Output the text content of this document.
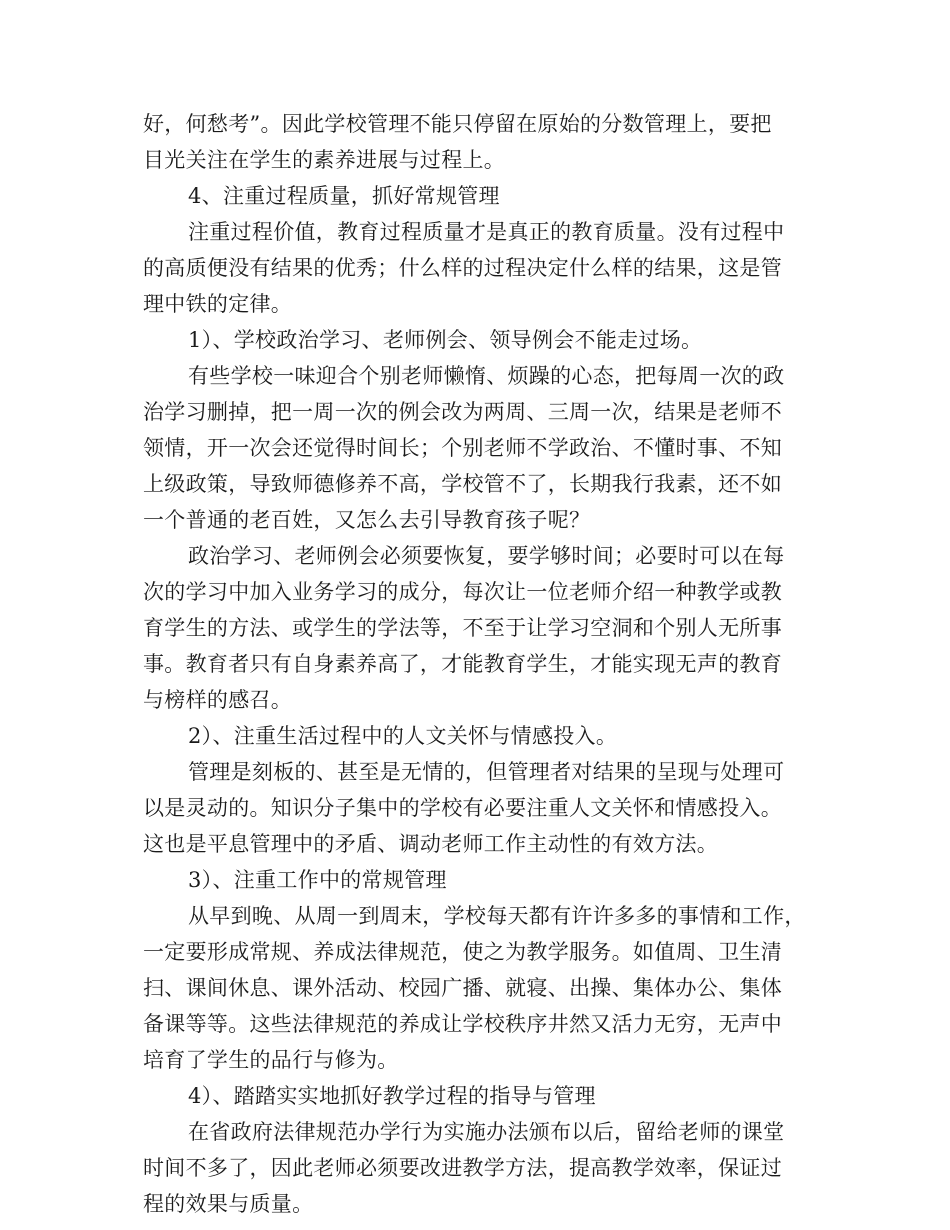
好，何愁考”。因此学校管理不能只停留在原始的分数管理上，要把
目光关注在学生的素养进展与过程上。
4、注重过程质量，抓好常规管理
注重过程价值，教育过程质量才是真正的教育质量。没有过程中
的高质便没有结果的优秀；什么样的过程决定什么样的结果，这是管
理中铁的定律。
1）、学校政治学习、老师例会、领导例会不能走过场。
有些学校一味迎合个别老师懒惰、烦躁的心态，把每周一次的政
治学习删掉，把一周一次的例会改为两周、三周一次，结果是老师不
领情，开一次会还觉得时间长；个别老师不学政治、不懂时事、不知
上级政策，导致师德修养不高，学校管不了，长期我行我素，还不如
一个普通的老百姓，又怎么去引导教育孩子呢？
政治学习、老师例会必须要恢复，要学够时间；必要时可以在每
次的学习中加入业务学习的成分，每次让一位老师介绍一种教学或教
育学生的方法、或学生的学法等，不至于让学习空洞和个别人无所事
事。教育者只有自身素养高了，才能教育学生，才能实现无声的教育
与榜样的感召。
2）、注重生活过程中的人文关怀与情感投入。
管理是刻板的、甚至是无情的，但管理者对结果的呈现与处理可
以是灵动的。知识分子集中的学校有必要注重人文关怀和情感投入。
这也是平息管理中的矛盾、调动老师工作主动性的有效方法。
3）、注重工作中的常规管理
从早到晚、从周一到周末，学校每天都有许许多多的事情和工作，
一定要形成常规、养成法律规范，使之为教学服务。如值周、卫生清
扫、课间休息、课外活动、校园广播、就寝、出操、集体办公、集体
备课等等。这些法律规范的养成让学校秩序井然又活力无穷，无声中
培育了学生的品行与修为。
4）、踏踏实实地抓好教学过程的指导与管理
在省政府法律规范办学行为实施办法颁布以后，留给老师的课堂
时间不多了，因此老师必须要改进教学方法，提高教学效率，保证过
程的效果与质量。
